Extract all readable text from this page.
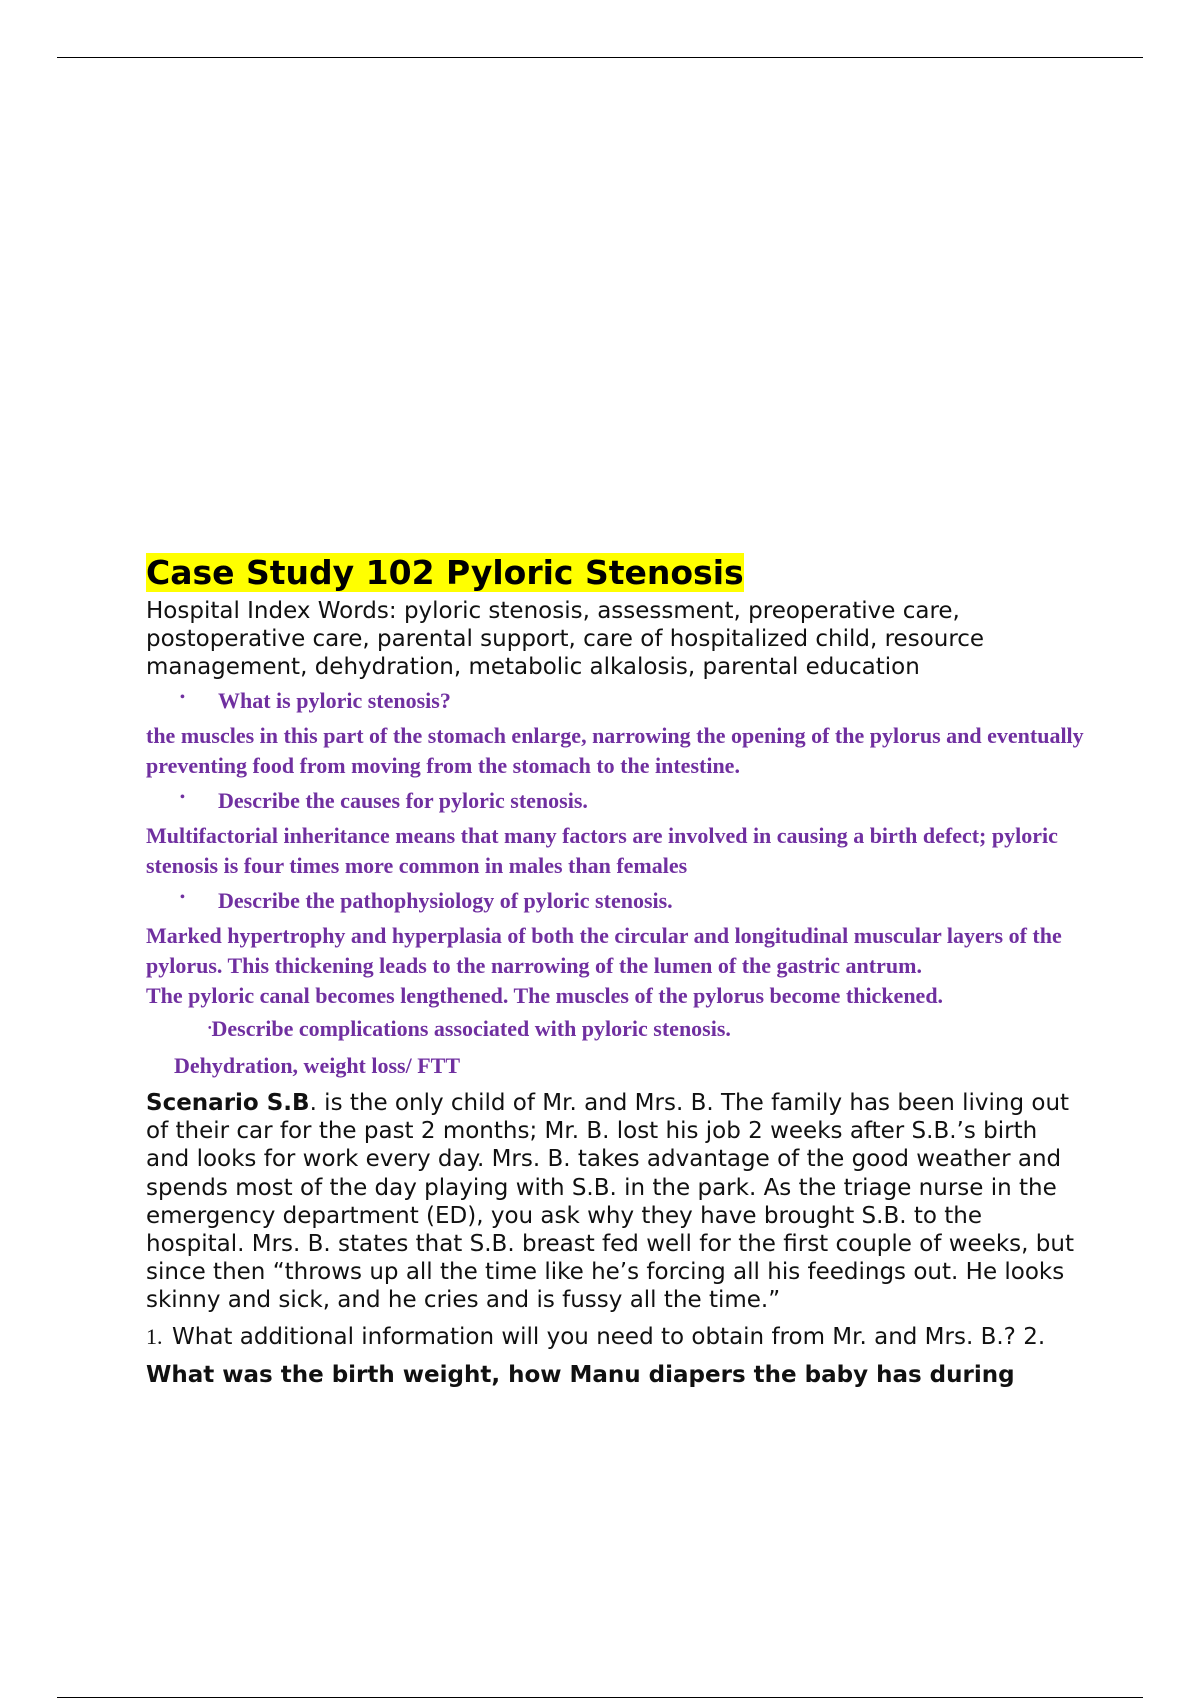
Case Study 102 Pyloric Stenosis

Hospital Index Words: pyloric stenosis, assessment, preoperative care, postoperative care, parental support, care of hospitalized child, resource management, dehydration, metabolic alkalosis, parental education

• What is pyloric stenosis?

the muscles in this part of the stomach enlarge, narrowing the opening of the pylorus and eventually preventing food from moving from the stomach to the intestine.

• Describe the causes for pyloric stenosis.

Multifactorial inheritance means that many factors are involved in causing a birth defect; pyloric stenosis is four times more common in males than females

• Describe the pathophysiology of pyloric stenosis.

Marked hypertrophy and hyperplasia of both the circular and longitudinal muscular layers of the pylorus. This thickening leads to the narrowing of the lumen of the gastric antrum.

The pyloric canal becomes lengthened. The muscles of the pylorus become thickened.

•Describe complications associated with pyloric stenosis.

Dehydration, weight loss/ FTT

Scenario S.B. is the only child of Mr. and Mrs. B. The family has been living out of their car for the past 2 months; Mr. B. lost his job 2 weeks after S.B.’s birth and looks for work every day. Mrs. B. takes advantage of the good weather and spends most of the day playing with S.B. in the park. As the triage nurse in the emergency department (ED), you ask why they have brought S.B. to the hospital. Mrs. B. states that S.B. breast fed well for the first couple of weeks, but since then “throws up all the time like he’s forcing all his feedings out. He looks skinny and sick, and he cries and is fussy all the time.”

1. What additional information will you need to obtain from Mr. and Mrs. B.? 2.

What was the birth weight, how Manu diapers the baby has during
